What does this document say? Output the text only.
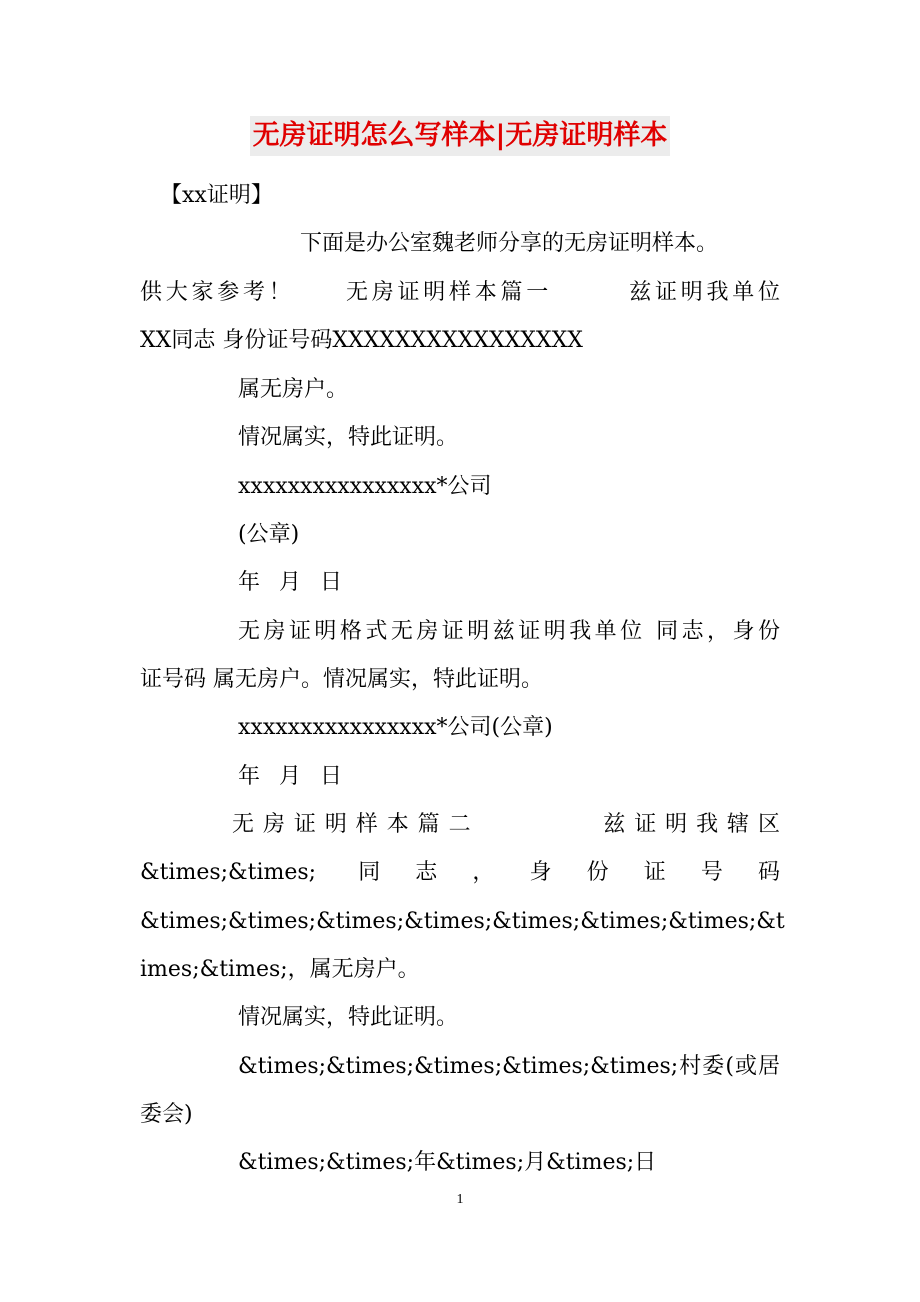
无房证明怎么写样本|无房证明样本
【xx证明】
下面是办公室魏老师分享的无房证明样本。
供大家参考！　　无房证明样本篇一　　　兹证明我单位
XX同志 身份证号码XXXXXXXXXXXXXXXX
属无房户。
情况属实，特此证明。
xxxxxxxxxxxxxxxx*公司
(公章)
年 月 日
无房证明格式无房证明兹证明我单位 同志，身份
证号码 属无房户。情况属实，特此证明。
xxxxxxxxxxxxxxxx*公司(公章)
年 月 日
无房证明样本篇二　　　　兹证明我辖区
&times;&times; 同志，身份证号码
&times;&times;&times;&times;&times;&times;&times;&t
imes;&times;，属无房户。
情况属实，特此证明。
&times;&times;&times;&times;&times;村委(或居
委会)
&times;&times;年&times;月&times;日
1
